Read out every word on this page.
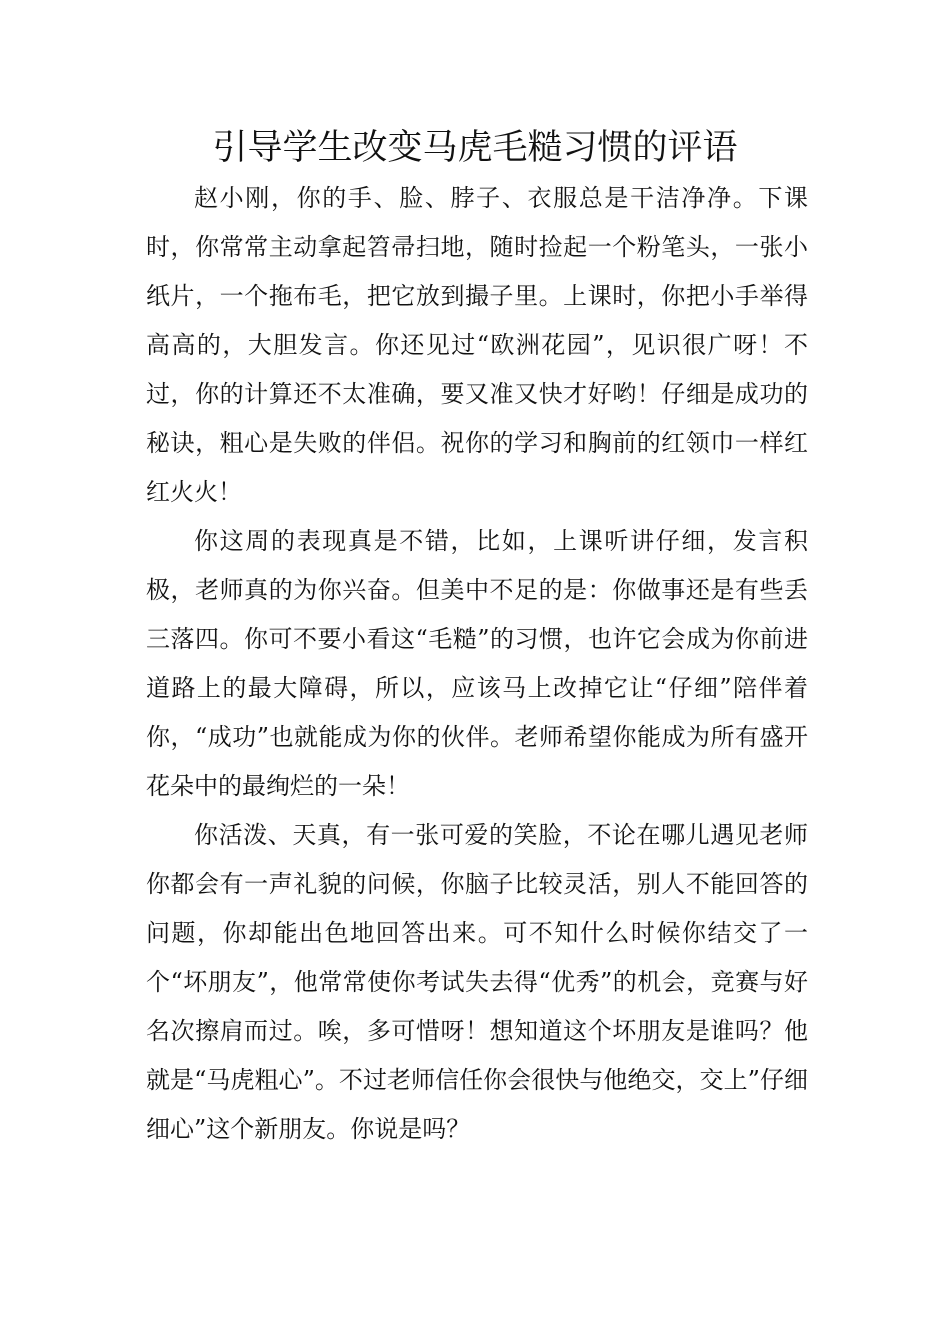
引导学生改变马虎毛糙习惯的评语

赵小刚，你的手、脸、脖子、衣服总是干洁净净。下课时，你常常主动拿起笤帚扫地，随时捡起一个粉笔头，一张小纸片，一个拖布毛，把它放到撮子里。上课时，你把小手举得高高的，大胆发言。你还见过“欧洲花园”，见识很广呀！不过，你的计算还不太准确，要又准又快才好哟！仔细是成功的秘诀，粗心是失败的伴侣。祝你的学习和胸前的红领巾一样红红火火！

你这周的表现真是不错，比如，上课听讲仔细，发言积极，老师真的为你兴奋。但美中不足的是：你做事还是有些丢三落四。你可不要小看这“毛糙”的习惯，也许它会成为你前进道路上的最大障碍，所以，应该马上改掉它让“仔细”陪伴着你，“成功”也就能成为你的伙伴。老师希望你能成为所有盛开花朵中的最绚烂的一朵！

你活泼、天真，有一张可爱的笑脸，不论在哪儿遇见老师你都会有一声礼貌的问候，你脑子比较灵活，别人不能回答的问题，你却能出色地回答出来。可不知什么时候你结交了一个“坏朋友”，他常常使你考试失去得“优秀”的机会，竞赛与好名次擦肩而过。唉，多可惜呀！想知道这个坏朋友是谁吗？他就是“马虎粗心”。不过老师信任你会很快与他绝交，交上”仔细细心”这个新朋友。你说是吗？
